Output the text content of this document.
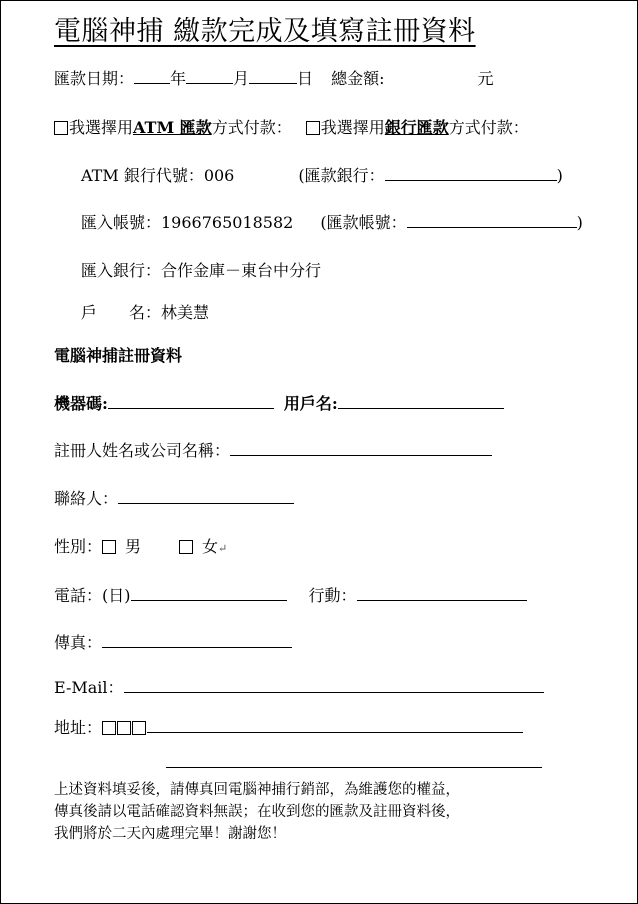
電腦神捕 繳款完成及填寫註冊資料
匯款日期： 年	月	日 總金額:	元
我選擇用ATM 匯款方式付款： 我選擇用銀行匯款方式付款：
ATM 銀行代號：006	(匯款銀行：	)
匯入帳號：1966765018582 (匯款帳號：	)
匯入銀行：合作金庫－東台中分行
戶　　名：林美慧
電腦神捕註冊資料
機器碼:	用戶名:
註冊人姓名或公司名稱：
聯絡人：
性別： 男	女↵
電話：(日)	行動：
傳真：
E-Mail：
地址：
上述資料填妥後，請傳真回電腦神捕行銷部，為維護您的權益，
傳真後請以電話確認資料無誤；在收到您的匯款及註冊資料後，
我們將於二天內處理完畢！謝謝您！
